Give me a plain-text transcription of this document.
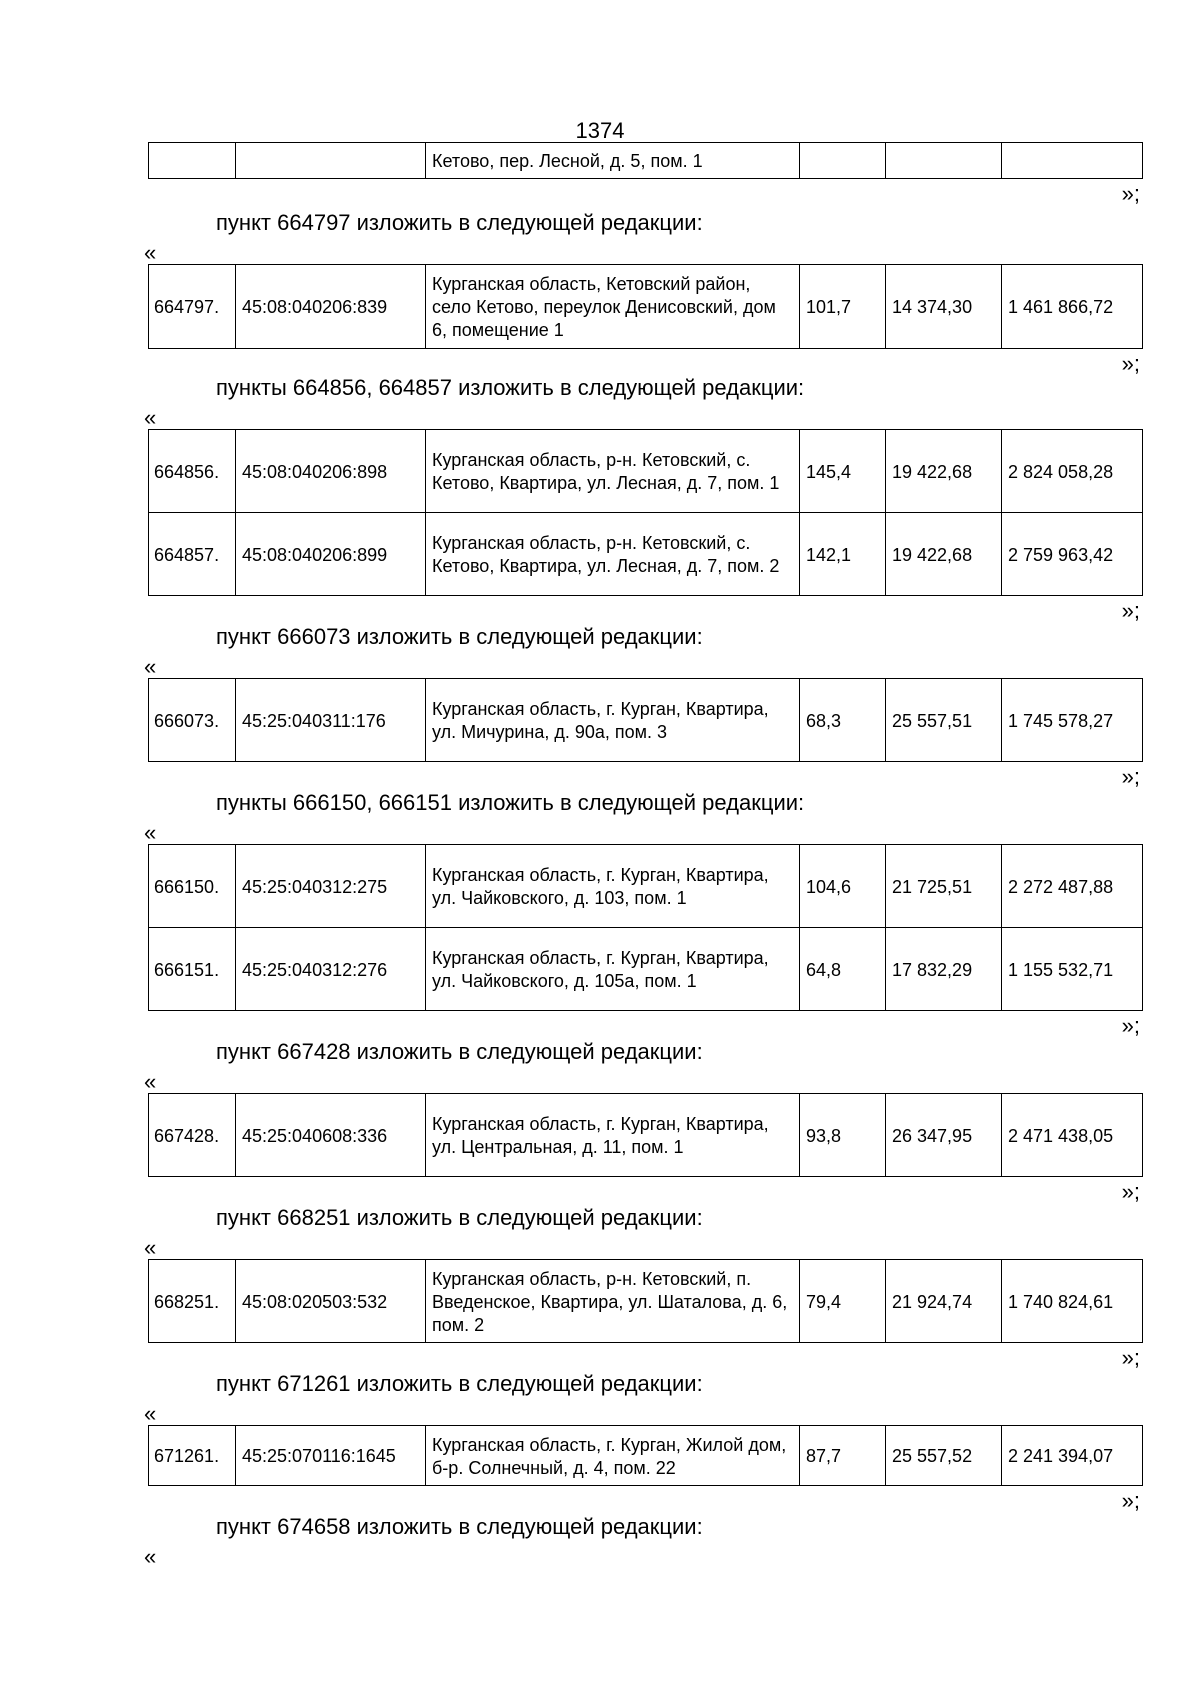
1374
		Кетово, пер. Лесной, д. 5, пом. 1			
»;
пункт 664797 изложить в следующей редакции:
«
664797.	45:08:040206:839	Курганская область, Кетовский район, село Кетово, переулок Денисовский, дом 6, помещение 1	101,7	14 374,30	1 461 866,72
»;
пункты 664856, 664857 изложить в следующей редакции:
«
664856.	45:08:040206:898	Курганская область, р-н. Кетовский, с. Кетово, Квартира, ул. Лесная, д. 7, пом. 1	145,4	19 422,68	2 824 058,28
664857.	45:08:040206:899	Курганская область, р-н. Кетовский, с. Кетово, Квартира, ул. Лесная, д. 7, пом. 2	142,1	19 422,68	2 759 963,42
»;
пункт 666073 изложить в следующей редакции:
«
666073.	45:25:040311:176	Курганская область, г. Курган, Квартира, ул. Мичурина, д. 90а, пом. 3	68,3	25 557,51	1 745 578,27
»;
пункты 666150, 666151 изложить в следующей редакции:
«
666150.	45:25:040312:275	Курганская область, г. Курган, Квартира, ул. Чайковского, д. 103, пом. 1	104,6	21 725,51	2 272 487,88
666151.	45:25:040312:276	Курганская область, г. Курган, Квартира, ул. Чайковского, д. 105а, пом. 1	64,8	17 832,29	1 155 532,71
»;
пункт 667428 изложить в следующей редакции:
«
667428.	45:25:040608:336	Курганская область, г. Курган, Квартира, ул. Центральная, д. 11, пом. 1	93,8	26 347,95	2 471 438,05
»;
пункт 668251 изложить в следующей редакции:
«
668251.	45:08:020503:532	Курганская область, р-н. Кетовский, п. Введенское, Квартира, ул. Шаталова, д. 6, пом. 2	79,4	21 924,74	1 740 824,61
»;
пункт 671261 изложить в следующей редакции:
«
671261.	45:25:070116:1645	Курганская область, г. Курган, Жилой дом, б-р. Солнечный, д. 4, пом. 22	87,7	25 557,52	2 241 394,07
»;
пункт 674658 изложить в следующей редакции:
«
